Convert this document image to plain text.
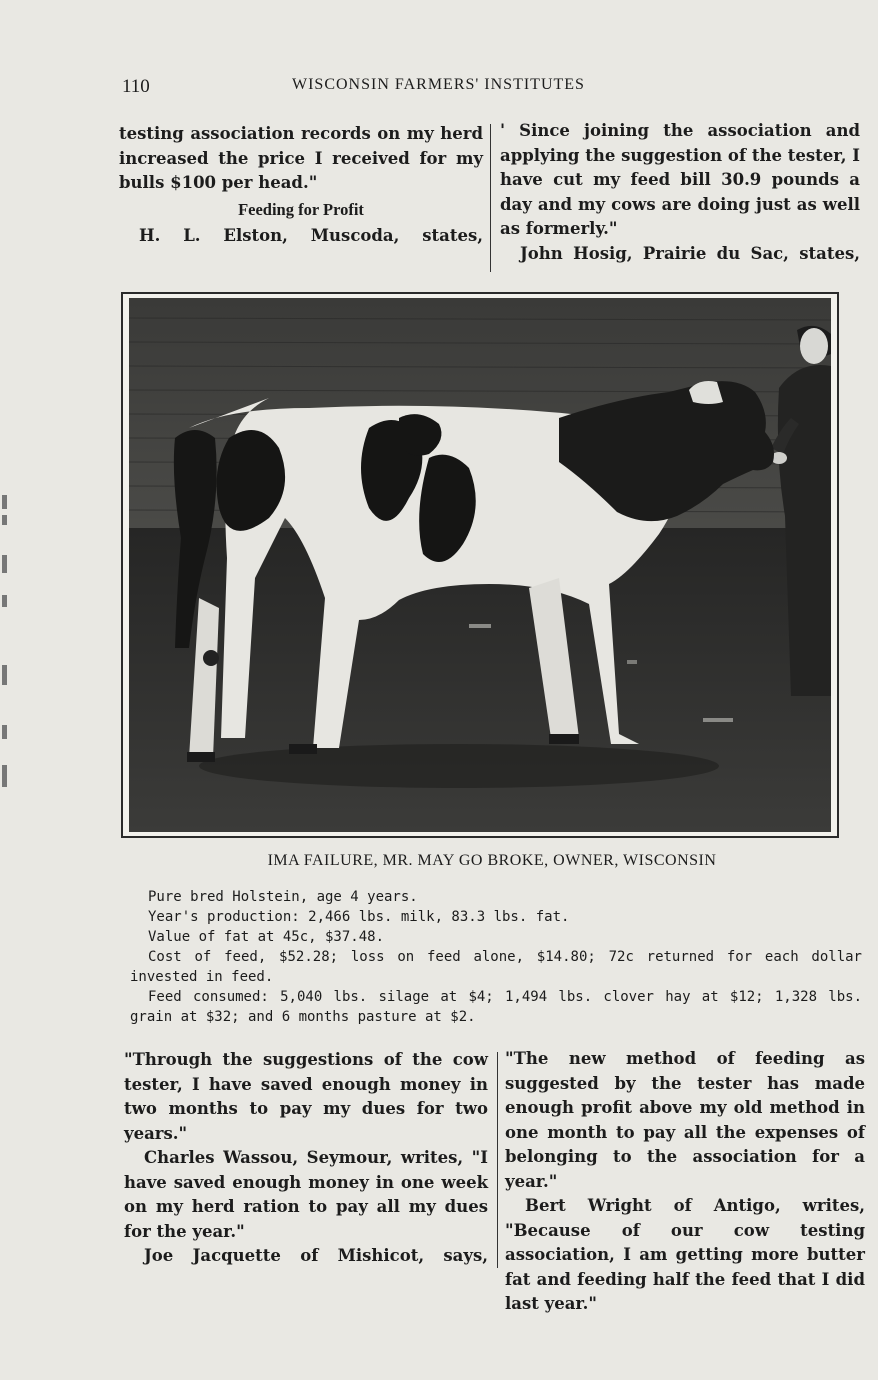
110	WISCONSIN FARMERS' INSTITUTES

testing association records on my herd

increased the price I received for my

bulls $100 per head."

Feeding for Profit

H. L. Elston, Muscoda, states,

' Since joining the association and applying the suggestion of the tester, I have cut my feed bill 30.9 pounds a day and my cows are doing just as well as formerly."

John Hosig, Prairie du Sac, states,

IMA FAILURE, MR. MAY GO BROKE, OWNER, WISCONSIN

Pure bred Holstein, age 4 years.

Year's production: 2,466 lbs. milk, 83.3 lbs. fat.

Value of fat at 45c, $37.48.

Cost of feed, $52.28; loss on feed alone, $14.80; 72c returned for each dollar invested in feed.

Feed consumed: 5,040 lbs. silage at $4; 1,494 lbs. clover hay at $12; 1,328 lbs. grain at $32; and 6 months pasture at $2.

"Through the suggestions of the cow tester, I have saved enough money in two months to pay my dues for two years."

Charles Wassou, Seymour, writes, "I have saved enough money in one week on my herd ration to pay all my dues for the year."

Joe Jacquette of Mishicot, says,

"The new method of feeding as suggested by the tester has made enough profit above my old method in one month to pay all the expenses of belonging to the association for a year."

Bert Wright of Antigo, writes, "Because of our cow testing association, I am getting more butter fat and feeding half the feed that I did last year."
